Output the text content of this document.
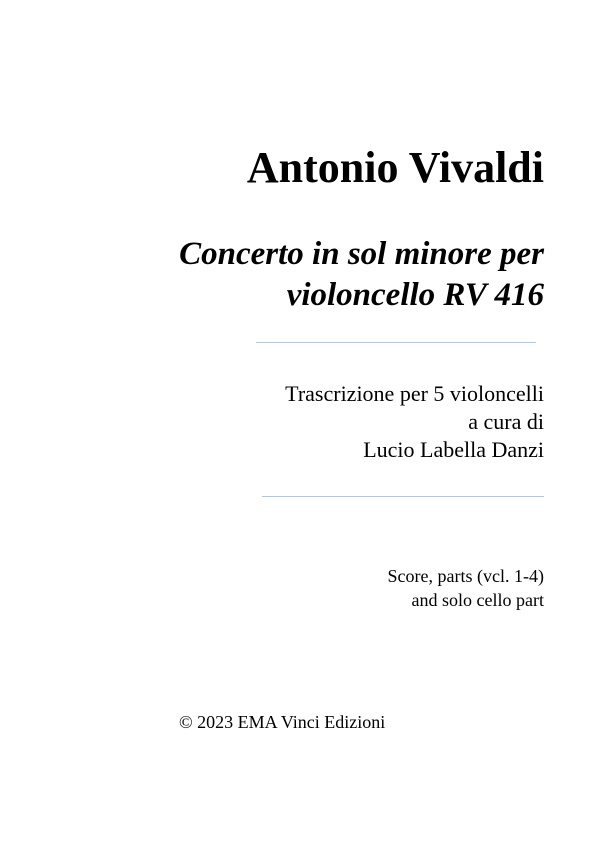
Antonio Vivaldi
Concerto in sol minore per
violoncello RV 416

Trascrizione per 5 violoncelli
a cura di
Lucio Labella Danzi

Score, parts (vcl. 1-4)
and solo cello part

© 2023 EMA Vinci Edizioni
